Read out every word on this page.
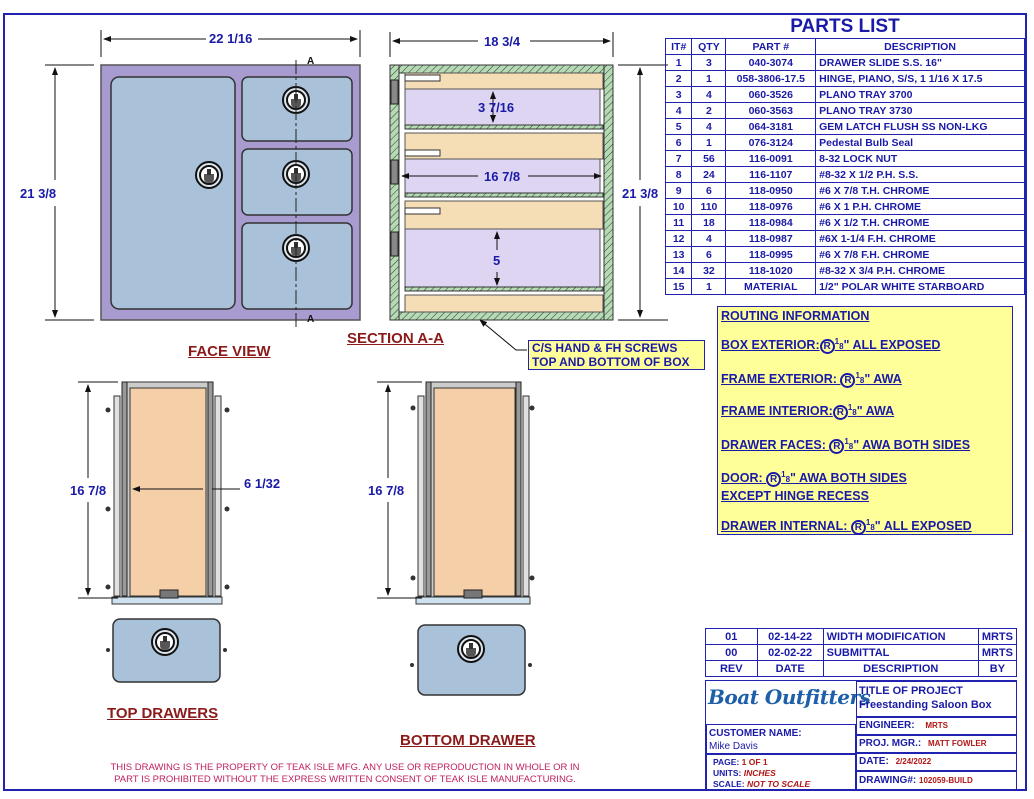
22 1/16
21 3/8
A
A
FACE VIEW
18 3/4
21 3/8
3 7/16
16 7/8
5
SECTION A-A
C/S HAND & FH SCREWS
TOP AND BOTTOM OF BOX
16 7/8	6 1/32
TOP DRAWERS
16 7/8
BOTTOM DRAWER
PARTS LIST			
IT#	QTY	PART #	DESCRIPTION
1	3	040-3074	DRAWER SLIDE S.S. 16"
2	1	058-3806-17.5	HINGE, PIANO, S/S, 1 1/16 X 17.5
3	4	060-3526	PLANO TRAY 3700
4	2	060-3563	PLANO TRAY 3730
5	4	064-3181	GEM LATCH FLUSH SS NON-LKG
6	1	076-3124	Pedestal Bulb Seal
7	56	116-0091	8-32 LOCK NUT
8	24	116-1107	#8-32 X 1/2 P.H. S.S.
9	6	118-0950	#6 X 7/8 T.H. CHROME
10	110	118-0976	#6 X 1 P.H. CHROME
11	18	118-0984	#6 X 1/2 T.H. CHROME
12	4	118-0987	#6X 1-1/4 F.H. CHROME
13	6	118-0995	#6 X 7/8 F.H. CHROME
14	32	118-1020	#8-32 X 3/4 P.H. CHROME
15	1	MATERIAL	1/2" POLAR WHITE STARBOARD
ROUTING INFORMATION
BOX EXTERIOR: R $^1$8" ALL EXPOSED
FRAME EXTERIOR: R $^1$8" AWA
FRAME INTERIOR: R $^1$8" AWA
DRAWER FACES: R $^1$8" AWA BOTH SIDES
DOOR: R $^1$8" AWA BOTH SIDES
EXCEPT HINGE RECESS
DRAWER INTERNAL: R $^1$8" ALL EXPOSED
01	02-14-22	WIDTH MODIFICATION	MRTS
00	02-02-22	SUBMITTAL	MRTS
REV	DATE	DESCRIPTION	BY
Boat Outfitters
TITLE OF PROJECT
Freestanding Saloon Box
ENGINEER: MRTS
CUSTOMER NAME:
Mike Davis	PROJ. MGR.: MATT FOWLER
PAGE: 1 OF 1
UNITS: INCHES
SCALE: NOT TO SCALE
DATE: 2/24/2022
DRAWING#: 102059-BUILD
THIS DRAWING IS THE PROPERTY OF TEAK ISLE MFG. ANY USE OR REPRODUCTION IN WHOLE OR IN
PART IS PROHIBITED WITHOUT THE EXPRESS WRITTEN CONSENT OF TEAK ISLE MANUFACTURING.
